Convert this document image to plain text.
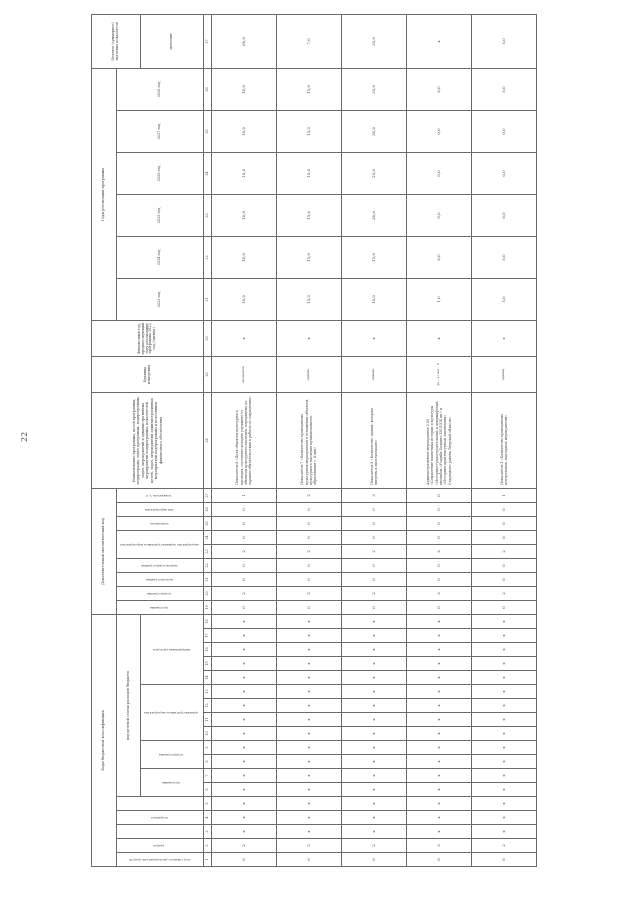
22
Коды бюджетной классификации																		Дополнительный аналитический код									Наименование программы, целей программы, подпрограмм, задач программы, подпрограммы, задач, мероприятий и административных мероприятий подпрограммы, показателей целей, задач, мероприятий административных мероприятий подпрограммы и источников финансового обеспечения	Единица измерения	Финансовый год, предшествующий году реализации программы 2022 год (оценка)	Годы реализации программы						Целевое (суммарное) значение показателя
код главного распорядителя средств	раздел		подраздел		код целевой статьи расходов бюджета													программа	подпрограмма	цель программы	задача подпрограммы	мероприятие (административное мероприятие)		показатель	тип мероприятия	показатель 1, 2				2023 год	2024 год	2025 год	2026 год	2027 год	2028 год	
					программа		подпрограмма		административное мероприятие				направление расходов																							значение
1	2	3	4	5	6	7	8	9	10	11	12	13	14	15	16	17	18	19	20	21	22	23	24	25	26	27	28	29	30	31	32	33	34	35	36	37
6	2	х	х	х	х	х	х	х	х	х	х	х	х	х	х	х	х	0	2	0	0	2	0	0	0	1	Показатель 6 «Доля объектов культурного наследия, состояние которых улучшено от объектов культурного наследия, переданных по охранно-обязательствам в работы по сохранению»	процентов	х	10,0	10,0	10,0	10,0	10,0	10,0	60,0
6	2	х	х	х	х	х	х	х	х	х	х	х	х	х	х	х	х	0	2	0	0	2	0	0	0	2	Показатель 7 «Количество проведенных культурных мероприятий в отношении объектов культурного наследия муниципального образования г. Клин»	единиц	х	15,0	15,0	15,0	15,0	15,0	15,0	7,0
6	2	х	х	х	х	х	х	х	х	х	х	х	х	х	х	х	х	0	2	0	0	2	0	0	0	3	Показатель 8 «Количество зданий, которые введены в эксплуатацию»	единиц	х	10,0	15,0	20,0	25,0	30,0	35,0	35,0
6	2	х	х	х	х	х	х	х	х	х	х	х	х	х	х	х	х	0	2	0	0	2	0	0	0	0	Административное мероприятие 2.05 «Сохранение памятника истории и культуры «Историко-градостроительный и ландшафтный ансамбль «Усадьба Болдино XVIII-XIX вв.» и «Историко-архитектурный заповедник» Старицкого района Тверской области»	да – 1 / нет – 0	х	1,0	0,0	0,0	0,0	0,0	0,0	х
6	2	х	х	х	х	х	х	х	х	х	х	х	х	х	х	х	х	0	2	0	0	2	0	0	0	1	Показатель 1 «Количество проведенных контрольных, надзорных мероприятий»	единиц	х	5,0	0,0	0,0	0,0	0,0	0,0	5,0
